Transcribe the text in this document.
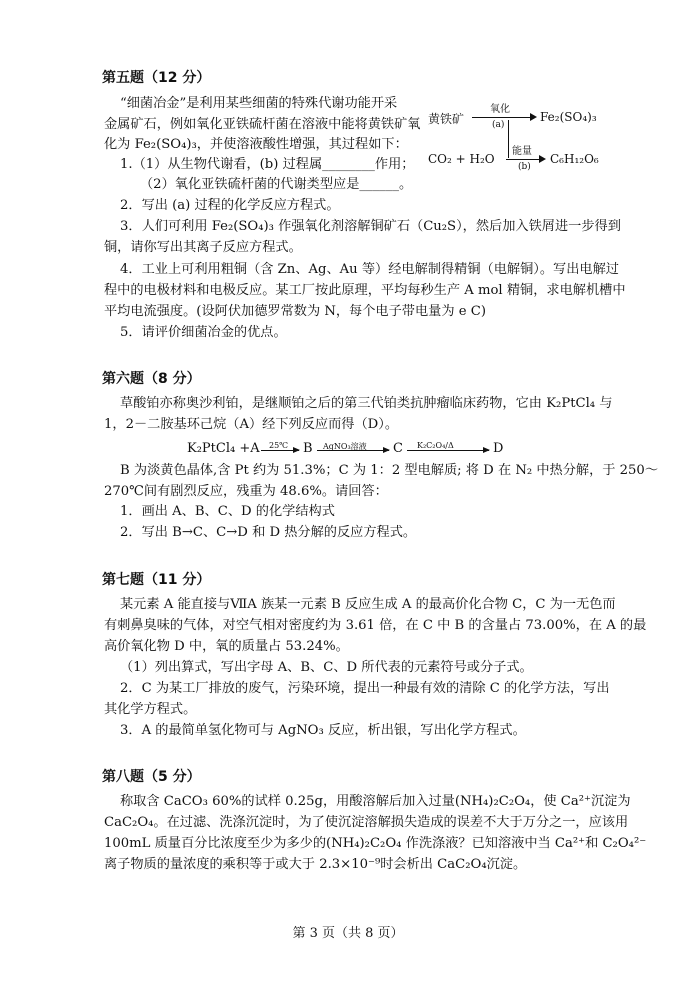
第五题（12 分）
“细菌冶金”是利用某些细菌的特殊代谢功能开采
金属矿石，例如氧化亚铁硫杆菌在溶液中能将黄铁矿氧
化为 Fe₂(SO₄)₃，并使溶液酸性增强，其过程如下：
1.（1）从生物代谢看，(b) 过程属________作用；
（2）氧化亚铁硫杆菌的代谢类型应是______。
2．写出 (a) 过程的化学反应方程式。
3．人们可利用 Fe₂(SO₄)₃ 作强氧化剂溶解铜矿石（Cu₂S），然后加入铁屑进一步得到
铜，请你写出其离子反应方程式。
4．工业上可利用粗铜（含 Zn、Ag、Au 等）经电解制得精铜（电解铜）。写出电解过
程中的电极材料和电极反应。某工厂按此原理，平均每秒生产 A mol 精铜，求电解机槽中
平均电流强度。(设阿伏加德罗常数为 N，每个电子带电量为 e C)
5．请评价细菌冶金的优点。
黄铁矿
氧化
(a)
Fe₂(SO₄)₃
CO₂ + H₂O
能量
(b)
C₆H₁₂O₆
第六题（8 分）
草酸铂亦称奥沙利铂，是继顺铂之后的第三代铂类抗肿瘤临床药物，它由 K₂PtCl₄ 与
1，2－二胺基环己烷（A）经下列反应而得（D）。
K₂PtCl₄ +A 25℃ B AgNO₃溶液 C K₂C₂O₄/Δ	D
B 为淡黄色晶体,含 Pt 约为 51.3%；C 为 1：2 型电解质; 将 D 在 N₂ 中热分解，于 250～
270℃间有剧烈反应，残重为 48.6%。请回答：
1．画出 A、B、C、D 的化学结构式
2．写出 B→C、C→D 和 D 热分解的反应方程式。
第七题（11 分）
某元素 A 能直接与ⅦA 族某一元素 B 反应生成 A 的最高价化合物 C，C 为一无色而
有刺鼻臭味的气体，对空气相对密度约为 3.61 倍，在 C 中 B 的含量占 73.00%，在 A 的最
高价氧化物 D 中，氧的质量占 53.24%。
（1）列出算式，写出字母 A、B、C、D 所代表的元素符号或分子式。
2．C 为某工厂排放的废气，污染环境，提出一种最有效的清除 C 的化学方法，写出
其化学方程式。
3．A 的最简单氢化物可与 AgNO₃ 反应，析出银，写出化学方程式。
第八题（5 分）
称取含 CaCO₃ 60%的试样 0.25g，用酸溶解后加入过量(NH₄)₂C₂O₄，使 Ca²⁺沉淀为
CaC₂O₄。在过滤、洗涤沉淀时，为了使沉淀溶解损失造成的误差不大于万分之一，应该用
100mL 质量百分比浓度至少为多少的(NH₄)₂C₂O₄ 作洗涤液？已知溶液中当 Ca²⁺和 C₂O₄²⁻
离子物质的量浓度的乘积等于或大于 2.3×10⁻⁹时会析出 CaC₂O₄沉淀。
第 3 页（共 8 页）
